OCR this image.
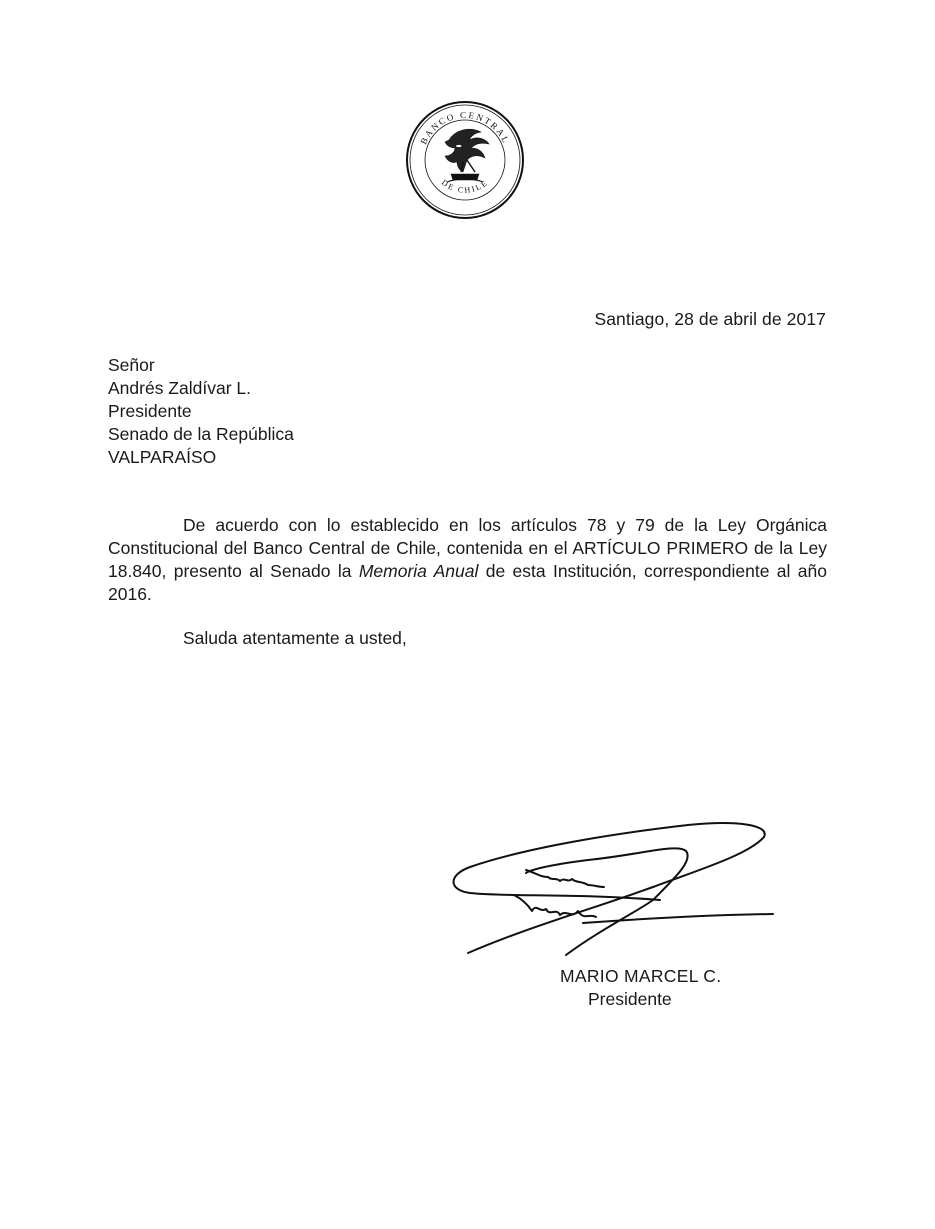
BANCO CENTRAL
DE CHILE
Santiago, 28 de abril de 2017
Señor
Andrés Zaldívar L.
Presidente
Senado de la República
VALPARAÍSO

De acuerdo con lo establecido en los artículos 78 y 79 de la Ley Orgánica Constitucional del Banco Central de Chile, contenida en el ARTÍCULO PRIMERO de la Ley 18.840, presento al Senado la Memoria Anual de esta Institución, correspondiente al año 2016.

Saluda atentamente a usted,
MARIO MARCEL C.
Presidente
